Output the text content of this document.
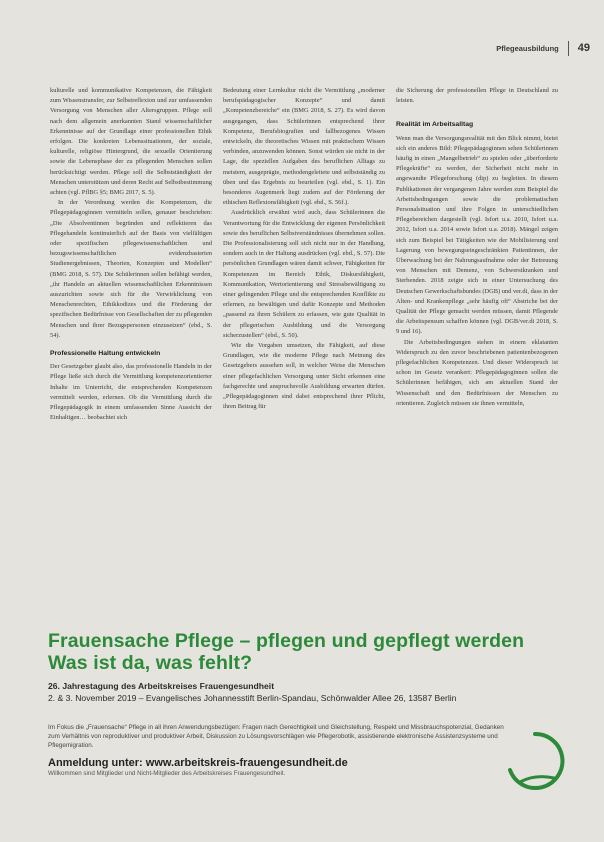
Pflegeausbildung 49

kulturelle und kommunikative Kompetenzen, die Fähigkeit zum Wissenstransfer, zur Selbstreflexion und zur umfassenden Versorgung von Menschen aller Altersgruppen. Pflege soll nach dem allgemein anerkannten Stand wissenschaftlicher Erkenntnisse auf der Grundlage einer professionellen Ethik erfolgen. Die konkreten Lebenssituationen, der soziale, kulturelle, religiöse Hintergrund, die sexuelle Orientierung sowie die Lebensphase der zu pflegenden Menschen sollen berücksichtigt werden. Pflege soll die Selbstständigkeit der Menschen unterstützen und deren Recht auf Selbstbestimmung achten (vgl. PflBG §5; BMG 2017, S. 5).

In der Verordnung werden die Kompetenzen, die Pflegepädagoginnen vermitteln sollen, genauer beschrieben: „Die Absolventinnen begründen und reflektieren das Pflegehandeln kontinuierlich auf der Basis von vielfältigen oder spezifischen pflegewissenschaftlichen und bezugswissenschaftlichen evidenzbasierten Studienergebnissen, Theorien, Konzepten und Modellen“ (BMG 2018, S. 57). Die Schülerinnen sollen befähigt werden, „ihr Handeln an aktuellen wissenschaftlichen Erkenntnissen auszurichten sowie sich für die Verwirklichung von Menschenrechten, Ethikkodizes und die Förderung der spezifischen Bedürfnisse von Gesellschaften der zu pflegenden Menschen und ihrer Bezugspersonen einzusetzen“ (ebd., S. 54).

Professionelle Haltung entwickeln

Der Gesetzgeber glaubt also, das professionelle Handeln in der Pflege ließe sich durch die Vermittlung kompetenzorientierter Inhalte im Unterricht, die entsprechenden Kompetenzen vermittelt werden, erlernen. Ob die Vermittlung durch die Pflegepädagogik in einem umfassenden Sinne Aussicht der Einhaltigen… beobachtet sich

Bedeutung einer Lernkultur nicht die Vermittlung „moderner berufspädagogischer Konzepte“ und damit „Kompetenzbereiche“ ein (BMG 2018, S. 27). Es wird davon ausgegangen, dass Schülerinnen entsprechend ihrer Kompetenz, Berufsbiografien und fallbezogenes Wissen entwickeln, die theoretisches Wissen mit praktischem Wissen verbinden, anzuwenden können. Sonst würden sie nicht in der Lage, die speziellen Aufgaben des beruflichen Alltags zu meistern, ausgeprägte, methodengeleitete und selbstständig zu üben und das Ergebnis zu beurteilen (vgl. ebd., S. 1). Ein besonderes Augenmerk liegt zudem auf der Förderung der ethischen Reflexionsfähigkeit (vgl. ebd., S. 56f.).

Ausdrücklich erwähnt wird auch, dass Schülerinnen die Verantwortung für die Entwicklung der eigenen Persönlichkeit sowie des beruflichen Selbstverständnisses übernehmen sollen. Die Professionalisierung soll sich nicht nur in der Handlung, sondern auch in der Haltung ausdrücken (vgl. ebd., S. 57). Die persönlichen Grundlagen wären damit schwer, Fähigkeiten für Kompetenzen im Bereich Ethik, Diskursfähigkeit, Kommunikation, Wertorientierung und Stressbewältigung zu einer gelingenden Pflege und die entsprechenden Konflikte zu erlernen, zu bewältigen und dafür Konzepte und Methoden „passend zu ihren Schülern zu erfassen, wie gute Qualität in der pflegerischen Ausbildung und die Versorgung sicherzustellen“ (ebd., S. 50).

Wie die Vorgaben umsetzen, die Fähigkeit, auf diese Grundlagen, wie die moderne Pflege nach Meinung des Gesetzgebers aussehen soll, in welcher Weise die Menschen einer pflegefachlichen Versorgung unter Sicht erkennen eine fachgerechte und anspruchsvolle Ausbildung erwarten dürfen. „Pflegepädagoginnen sind dabei entsprechend ihrer Pflicht, ihren Beitrag für

die Sicherung der professionellen Pflege in Deutschland zu leisten.

Realität im Arbeitsalltag

Wenn man die Versorgungsrealität mit den Blick nimmt, bietet sich ein anderes Bild: Pflegepädagoginnen sehen Schülerinnen häufig in einen „Mangelbetrieb“ zu spielen oder „überforderte Pflegekräfte“ zu werden, der Sicherheit nicht mehr in angewandte Pflegeforschung (dip) zu begleiten. In diesem Publikationen der vergangenen Jahre werden zum Beispiel die Arbeitsbedingungen sowie die problematischen Personalsituation und ihre Folgen in unterschiedlichen Pflegebereichen dargestellt (vgl. Isfort u.a. 2010, Isfort u.a. 2012, Isfort u.a. 2014 sowie Isfort u.a. 2018). Mängel zeigen sich zum Beispiel bei Tätigkeiten wie der Mobilisierung und Lagerung von bewegungseingeschränkten Patientinnen, der Überwachung bei der Nahrungsaufnahme oder der Betreuung von Menschen mit Demenz, von Schwerstkranken und Sterbenden. 2018 zeigte sich in einer Untersuchung des Deutschen Gewerkschaftsbundes (DGB) und ver.di, dass in der Alten- und Krankenpflege „sehr häufig oft“ Abstriche bei der Qualität der Pflege gemacht werden müssen, damit Pflegende die Arbeitspensum schaffen können (vgl. DGB/ver.di 2018, S. 9 und 16).

Die Arbeitsbedingungen stehen in einem eklatanten Widerspruch zu den zuvor beschriebenen patientenbezogenen pflegefachlichen Kompetenzen. Und dieser Widerspruch ist schon im Gesetz verankert: Pflegepädagoginnen sollen die Schülerinnen befähigen, sich am aktuellen Stand der Wissenschaft und den Bedürfnissen der Menschen zu orientieren. Zugleich müssen sie ihnen vermitteln,

Frauensache Pflege – pflegen und gepflegt werden
Was ist da, was fehlt?
26. Jahrestagung des Arbeitskreises Frauengesundheit
2. & 3. November 2019 – Evangelisches Johannesstift Berlin-Spandau, Schönwalder Allee 26, 13587 Berlin
Im Fokus die „Frauensache“ Pflege in all ihren Anwendungsbezügen: Fragen nach Gerechtigkeit und Gleichstellung, Respekt und Missbrauchspotenzial, Gedanken zum Verhältnis von reproduktiver und produktiver Arbeit, Diskussion zu Lösungsvorschlägen wie Pflegerobotik, assistierende elektronische Assistenzsysteme und Pflegemigration.
Anmeldung unter: www.arbeitskreis-frauengesundheit.de
Willkommen sind Mitglieder und Nicht-Mitglieder des Arbeitskreises Frauengesundheit.
